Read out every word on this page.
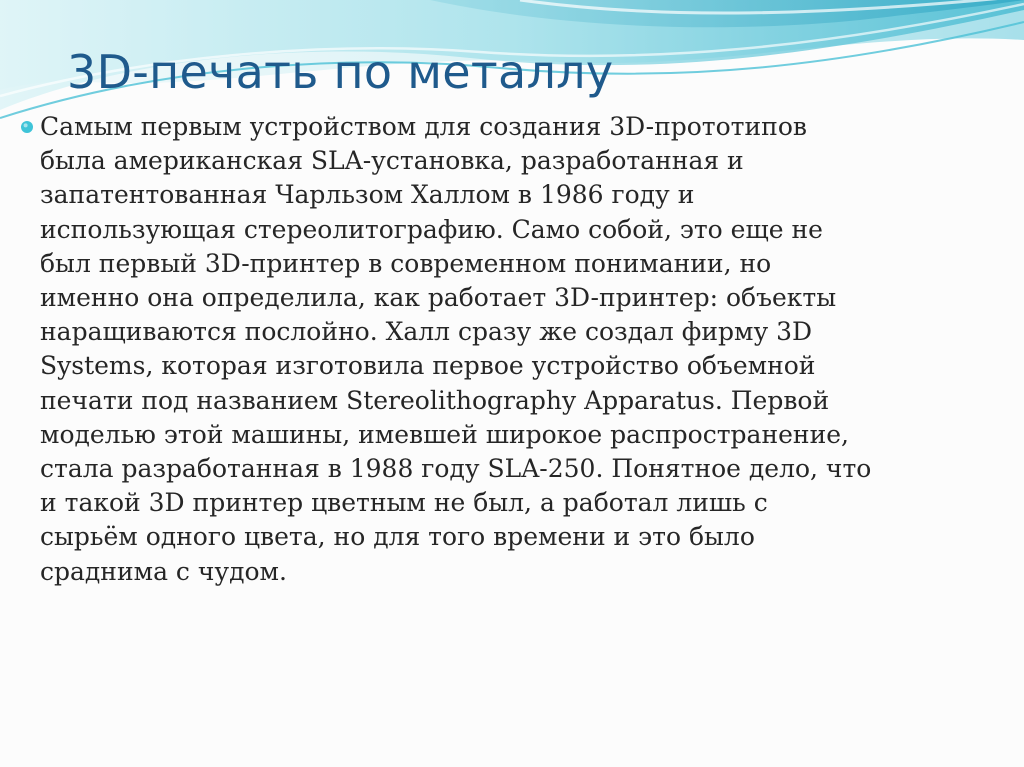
3D-печать по металлу

Самым первым устройством для создания 3D-прототипов
была американская SLA-установка, разработанная и
запатентованная Чарльзом Халлом в 1986 году и
использующая стереолитографию. Само собой, это еще не
был первый 3D-принтер в современном понимании, но
именно она определила, как работает 3D-принтер: объекты
наращиваются послойно. Халл сразу же создал фирму 3D
Systems, которая изготовила первое устройство объемной
печати под названием Stereolithography Apparatus. Первой
моделью этой машины, имевшей широкое распространение,
стала разработанная в 1988 году SLA-250. Понятное дело, что
и такой 3D принтер цветным не был, а работал лишь с
сырьём одного цвета, но для того времени и это было
сраднима с чудом.
